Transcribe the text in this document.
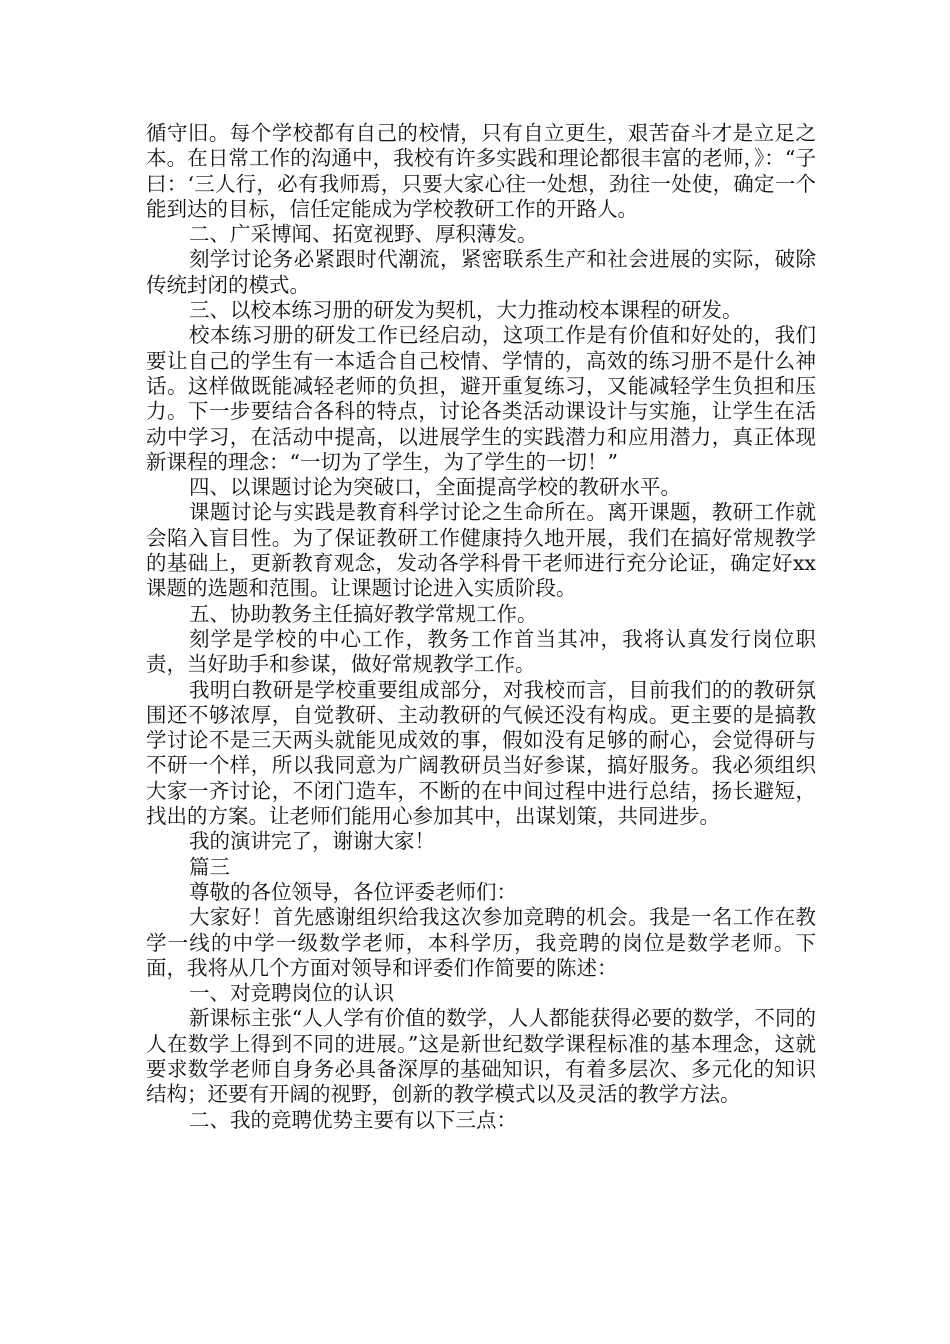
循守旧。每个学校都有自己的校情，只有自立更生，艰苦奋斗才是立足之本。在日常工作的沟通中，我校有许多实践和理论都很丰富的老师，》：“子曰：‘三人行，必有我师焉，只要大家心往一处想，劲往一处使，确定一个能到达的目标，信任定能成为学校教研工作的开路人。

二、广采博闻、拓宽视野、厚积薄发。

刻学讨论务必紧跟时代潮流，紧密联系生产和社会进展的实际，破除传统封闭的模式。

三、以校本练习册的研发为契机，大力推动校本课程的研发。

校本练习册的研发工作已经启动，这项工作是有价值和好处的，我们要让自己的学生有一本适合自己校情、学情的，高效的练习册不是什么神话。这样做既能减轻老师的负担，避开重复练习，又能减轻学生负担和压力。下一步要结合各科的特点，讨论各类活动课设计与实施，让学生在活动中学习，在活动中提高，以进展学生的实践潜力和应用潜力，真正体现新课程的理念：“一切为了学生，为了学生的一切！”

四、以课题讨论为突破口，全面提高学校的教研水平。

课题讨论与实践是教育科学讨论之生命所在。离开课题，教研工作就会陷入盲目性。为了保证教研工作健康持久地开展，我们在搞好常规教学的基础上，更新教育观念，发动各学科骨干老师进行充分论证，确定好xx课题的选题和范围。让课题讨论进入实质阶段。

五、协助教务主任搞好教学常规工作。

刻学是学校的中心工作，教务工作首当其冲，我将认真发行岗位职责，当好助手和参谋，做好常规教学工作。

我明白教研是学校重要组成部分，对我校而言，目前我们的的教研氛围还不够浓厚，自觉教研、主动教研的气候还没有构成。更主要的是搞教学讨论不是三天两头就能见成效的事，假如没有足够的耐心，会觉得研与不研一个样，所以我同意为广阔教研员当好参谋，搞好服务。我必须组织大家一齐讨论，不闭门造车，不断的在中间过程中进行总结，扬长避短，找出的方案。让老师们能用心参加其中，出谋划策，共同进步。

我的演讲完了，谢谢大家！

篇三

尊敬的各位领导，各位评委老师们：

大家好！首先感谢组织给我这次参加竞聘的机会。我是一名工作在教学一线的中学一级数学老师，本科学历，我竞聘的岗位是数学老师。下面，我将从几个方面对领导和评委们作简要的陈述：

一、对竞聘岗位的认识

新课标主张“人人学有价值的数学，人人都能获得必要的数学，不同的人在数学上得到不同的进展。”这是新世纪数学课程标准的基本理念，这就要求数学老师自身务必具备深厚的基础知识，有着多层次、多元化的知识结构；还要有开阔的视野，创新的教学模式以及灵活的教学方法。

二、我的竞聘优势主要有以下三点：
